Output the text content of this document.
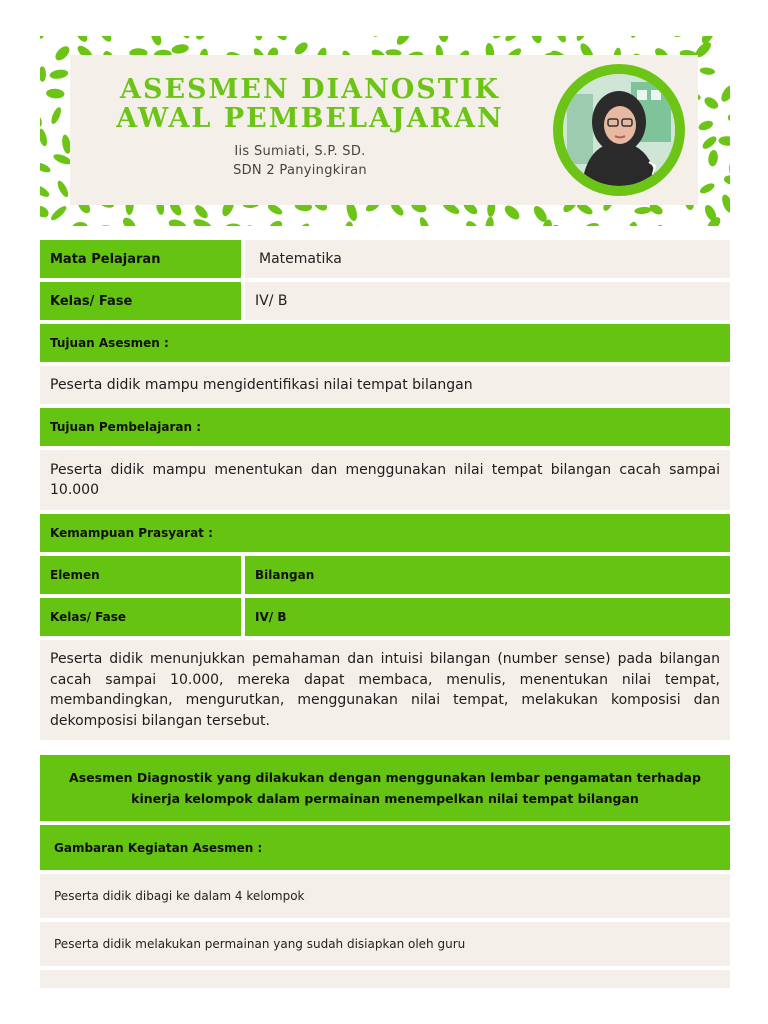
ASESMEN DIANOSTIK
AWAL PEMBELAJARAN
Iis Sumiati, S.P. SD.
SDN 2 Panyingkiran
Mata Pelajaran	Matematika
Kelas/ Fase	IV/ B
Tujuan Asesmen :
Peserta didik mampu mengidentifikasi nilai tempat bilangan
Tujuan Pembelajaran :
Peserta didik mampu menentukan dan menggunakan nilai tempat bilangan cacah sampai 10.000
Kemampuan Prasyarat :
Elemen	Bilangan
Kelas/ Fase	IV/ B
Peserta didik menunjukkan pemahaman dan intuisi bilangan (number sense) pada bilangan cacah sampai 10.000, mereka dapat membaca, menulis, menentukan nilai tempat, membandingkan, mengurutkan, menggunakan nilai tempat, melakukan komposisi dan dekomposisi bilangan tersebut.
Asesmen Diagnostik yang dilakukan dengan menggunakan lembar pengamatan terhadap
kinerja kelompok dalam permainan menempelkan nilai tempat bilangan
Gambaran Kegiatan Asesmen :
Peserta didik dibagi ke dalam 4 kelompok
Peserta didik melakukan permainan yang sudah disiapkan oleh guru
